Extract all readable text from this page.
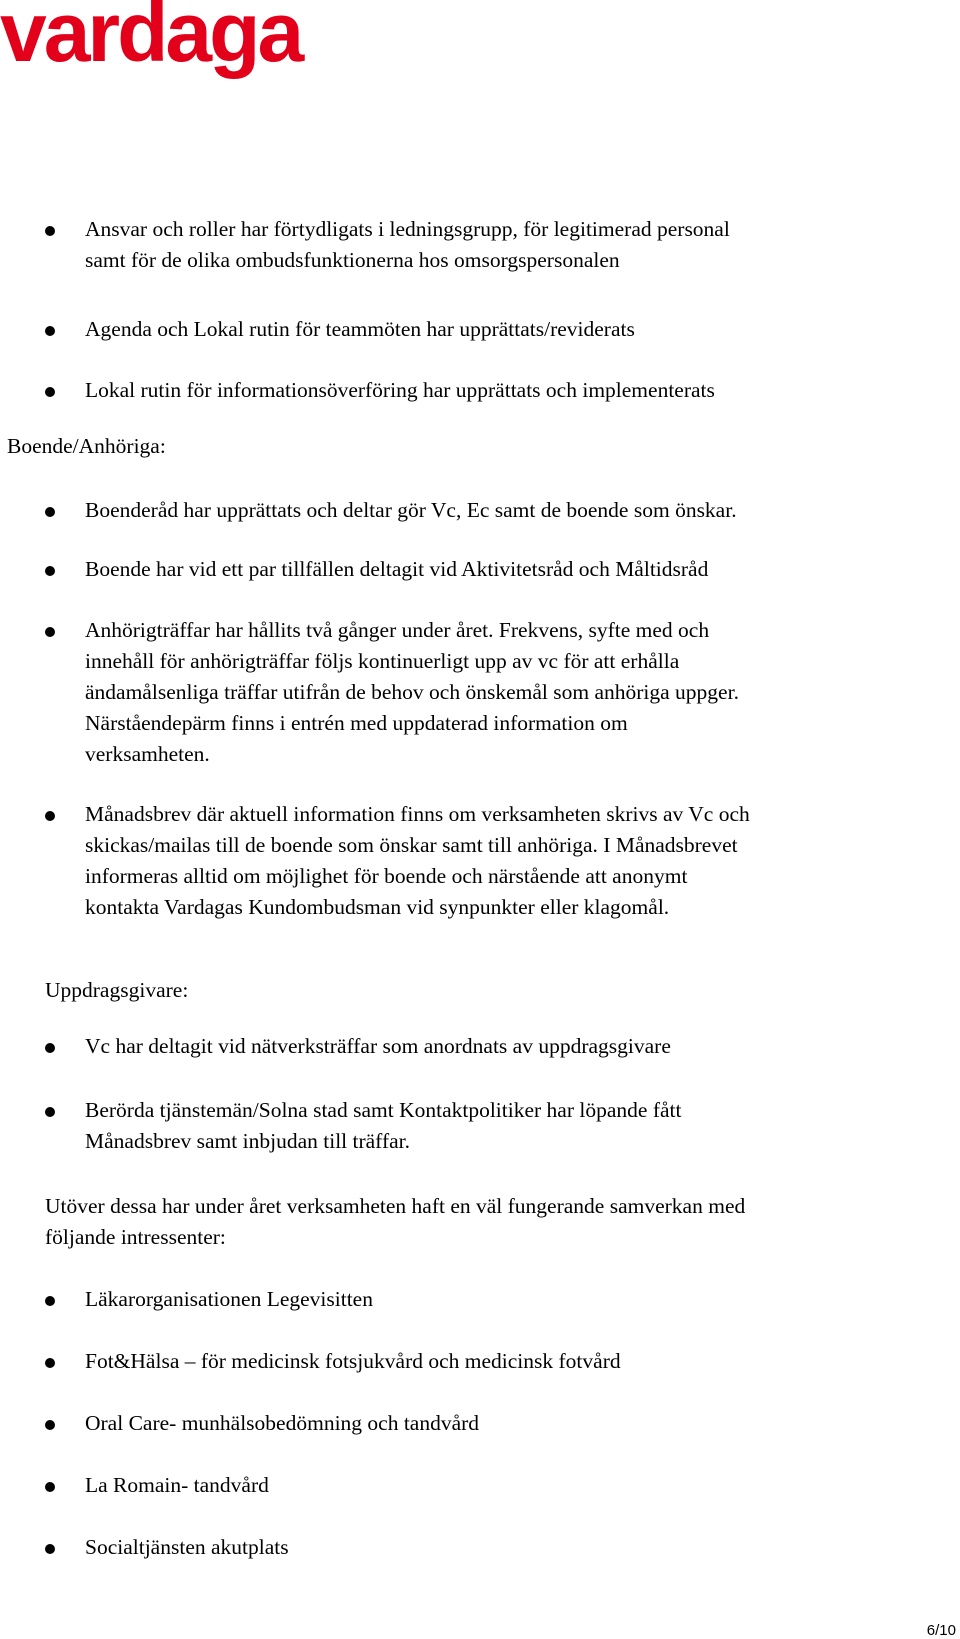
vardaga

Ansvar och roller har förtydligats i ledningsgrupp, för legitimerad personal

samt för de olika ombudsfunktionerna hos omsorgspersonalen

Agenda och Lokal rutin för teammöten har upprättats/reviderats

Lokal rutin för informationsöverföring har upprättats och implementerats

Boende/Anhöriga:

Boenderåd har upprättats och deltar gör Vc, Ec samt de boende som önskar.

Boende har vid ett par tillfällen deltagit vid Aktivitetsråd och Måltidsråd

Anhörigträffar har hållits två gånger under året. Frekvens, syfte med och

innehåll för anhörigträffar följs kontinuerligt upp av vc för att erhålla

ändamålsenliga träffar utifrån de behov och önskemål som anhöriga uppger.

Närståendepärm finns i entrén med uppdaterad information om

verksamheten.

Månadsbrev där aktuell information finns om verksamheten skrivs av Vc och

skickas/mailas till de boende som önskar samt till anhöriga. I Månadsbrevet

informeras alltid om möjlighet för boende och närstående att anonymt

kontakta Vardagas Kundombudsman vid synpunkter eller klagomål.

Uppdragsgivare:

Vc har deltagit vid nätverksträffar som anordnats av uppdragsgivare

Berörda tjänstemän/Solna stad samt Kontaktpolitiker har löpande fått

Månadsbrev samt inbjudan till träffar.

Utöver dessa har under året verksamheten haft en väl fungerande samverkan med

följande intressenter:

Läkarorganisationen Legevisitten

Fot&Hälsa – för medicinsk fotsjukvård och medicinsk fotvård

Oral Care- munhälsobedömning och tandvård

La Romain- tandvård

Socialtjänsten akutplats

6/10
